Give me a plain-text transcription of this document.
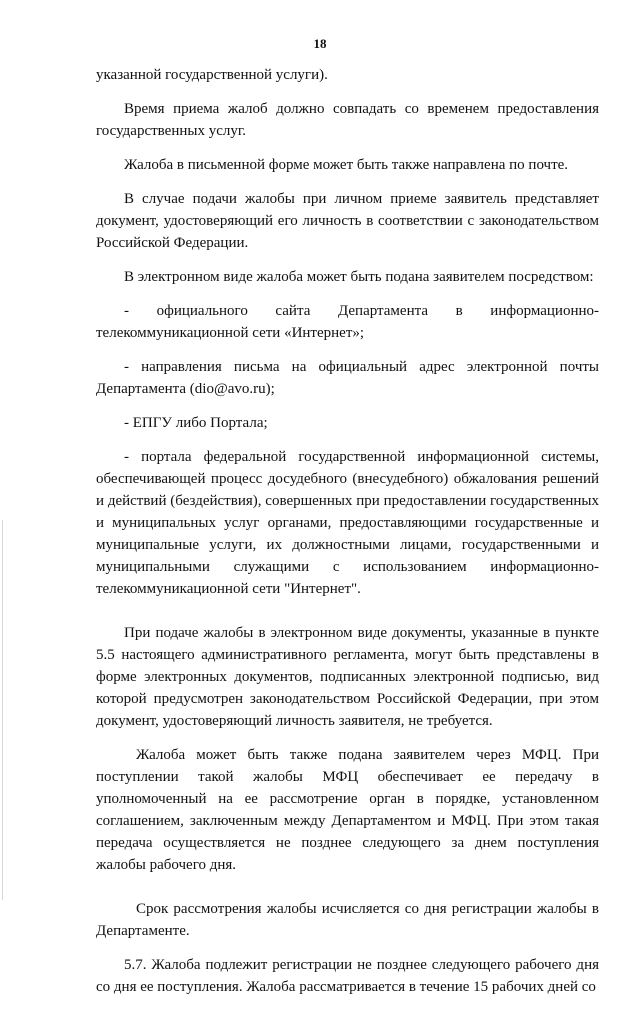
18

указанной государственной услуги).

Время приема жалоб должно совпадать со временем предоставления государственных услуг.

Жалоба в письменной форме может быть также направлена по почте.

В случае подачи жалобы при личном приеме заявитель представляет документ, удостоверяющий его личность в соответствии с законодательством Российской Федерации.

В электронном виде жалоба может быть подана заявителем посредством:

- официального сайта Департамента в информационно-телекоммуникационной сети «Интернет»;

- направления письма на официальный адрес электронной почты Департамента (dio@avo.ru);

- ЕПГУ либо Портала;

- портала федеральной государственной информационной системы, обеспечивающей процесс досудебного (внесудебного) обжалования решений и действий (бездействия), совершенных при предоставлении государственных и муниципальных услуг органами, предоставляющими государственные и муниципальные услуги, их должностными лицами, государственными и муниципальными служащими с использованием информационно-телекоммуникационной сети "Интернет".

При подаче жалобы в электронном виде документы, указанные в пункте 5.5 настоящего административного регламента, могут быть представлены в форме электронных документов, подписанных электронной подписью, вид которой предусмотрен законодательством Российской Федерации, при этом документ, удостоверяющий личность заявителя, не требуется.

Жалоба может быть также подана заявителем через МФЦ. При поступлении такой жалобы МФЦ обеспечивает ее передачу в уполномоченный на ее рассмотрение орган в порядке, установленном соглашением, заключенным между Департаментом и МФЦ. При этом такая передача осуществляется не позднее следующего за днем поступления жалобы рабочего дня.

Срок рассмотрения жалобы исчисляется со дня регистрации жалобы в Департаменте.

5.7. Жалоба подлежит регистрации не позднее следующего рабочего дня со дня ее поступления. Жалоба рассматривается в течение 15 рабочих дней со
